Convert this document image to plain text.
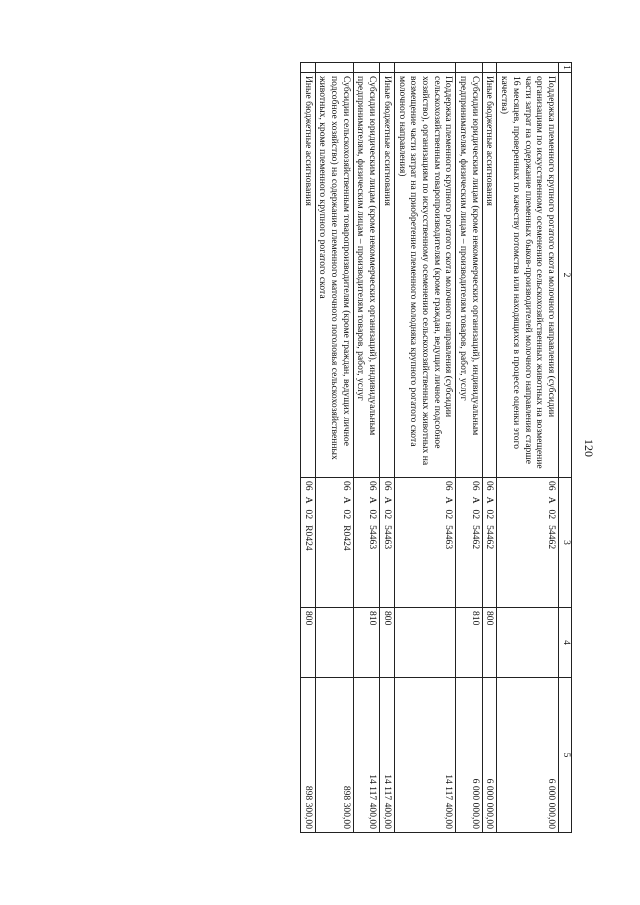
120
1	2	3	4	5

	Поддержка племенного крупного рогатого скота молочного направления (субсидии организациям по искусственному осеменению сельскохозяйственных животных на возмещение части затрат на содержание племенных быков-производителей молочного направления старше

16 месяцев, проверенных по качеству потомства или находящихся в процессе оценки этого качества)	06А0254462		6 000 000,00

	Иные бюджетные ассигнования	06А0254462	800	6 000 000,00

	Субсидии юридическим лицам (кроме некоммерческих организаций), индивидуальным предпринимателям, физическим лицам – производителям товаров, работ, услуг	06А0254462	810	6 000 000,00

	Поддержка племенного крупного рогатого скота молочного направления (субсидии сельскохозяйственным товаропроизводителям (кроме граждан, ведущих личное подсобное хозяйство), организациям по искусственному осеменению сельскохозяйственных животных на возмещение части затрат на приобретение племенного молодняка крупного рогатого скота молочного направления)	06А0254463		14 117 400,00

	Иные бюджетные ассигнования	06А0254463	800	14 117 400,00

	Субсидии юридическим лицам (кроме некоммерческих организаций), индивидуальным предпринимателям, физическим лицам – производителям товаров, работ, услуг	06А0254463	810	14 117 400,00

	Субсидии сельскохозяйственным товаропроизводителям (кроме граждан, ведущих личное подсобное хозяйство) на содержание племенного маточного поголовья сельскохозяйственных животных, кроме племенного крупного рогатого скота	06А02R0424		898 300,00

	Иные бюджетные ассигнования	06А02R0424	800	898 300,00
